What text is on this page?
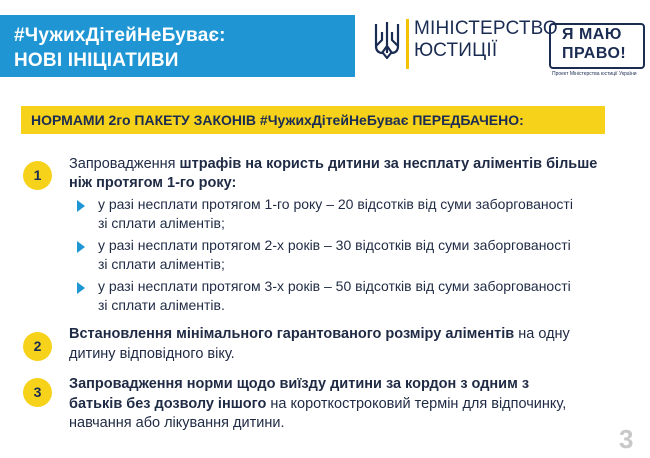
#ЧужихДітейНеБуває:
НОВІ ІНІЦІАТИВИ
МІНІСТЕРСТВО
ЮСТИЦІЇ
Я МАЮ
ПРАВО!
Проект Міністерства юстиції України
НОРМАМИ 2го ПАКЕТУ ЗАКОНІВ #ЧужихДітейНеБуває ПЕРЕДБАЧЕНО:
1
Запровадження штрафів на користь дитини за несплату аліментів більше
ніж протягом 1-го року:
у разі несплати протягом 1-го року – 20 відсотків від суми заборгованості
зі сплати аліментів;
у разі несплати протягом 2-х років – 30 відсотків від суми заборгованості
зі сплати аліментів;
у разі несплати протягом 3-х років – 50 відсотків від суми заборгованості
зі сплати аліментів.
2
Встановлення мінімального гарантованого розміру аліментів на одну
дитину відповідного віку.
3	Запровадження норми щодо виїзду дитини за кордон з одним з
батьків без дозволу іншого на короткостроковий термін для відпочинку,
навчання або лікування дитини.
3
